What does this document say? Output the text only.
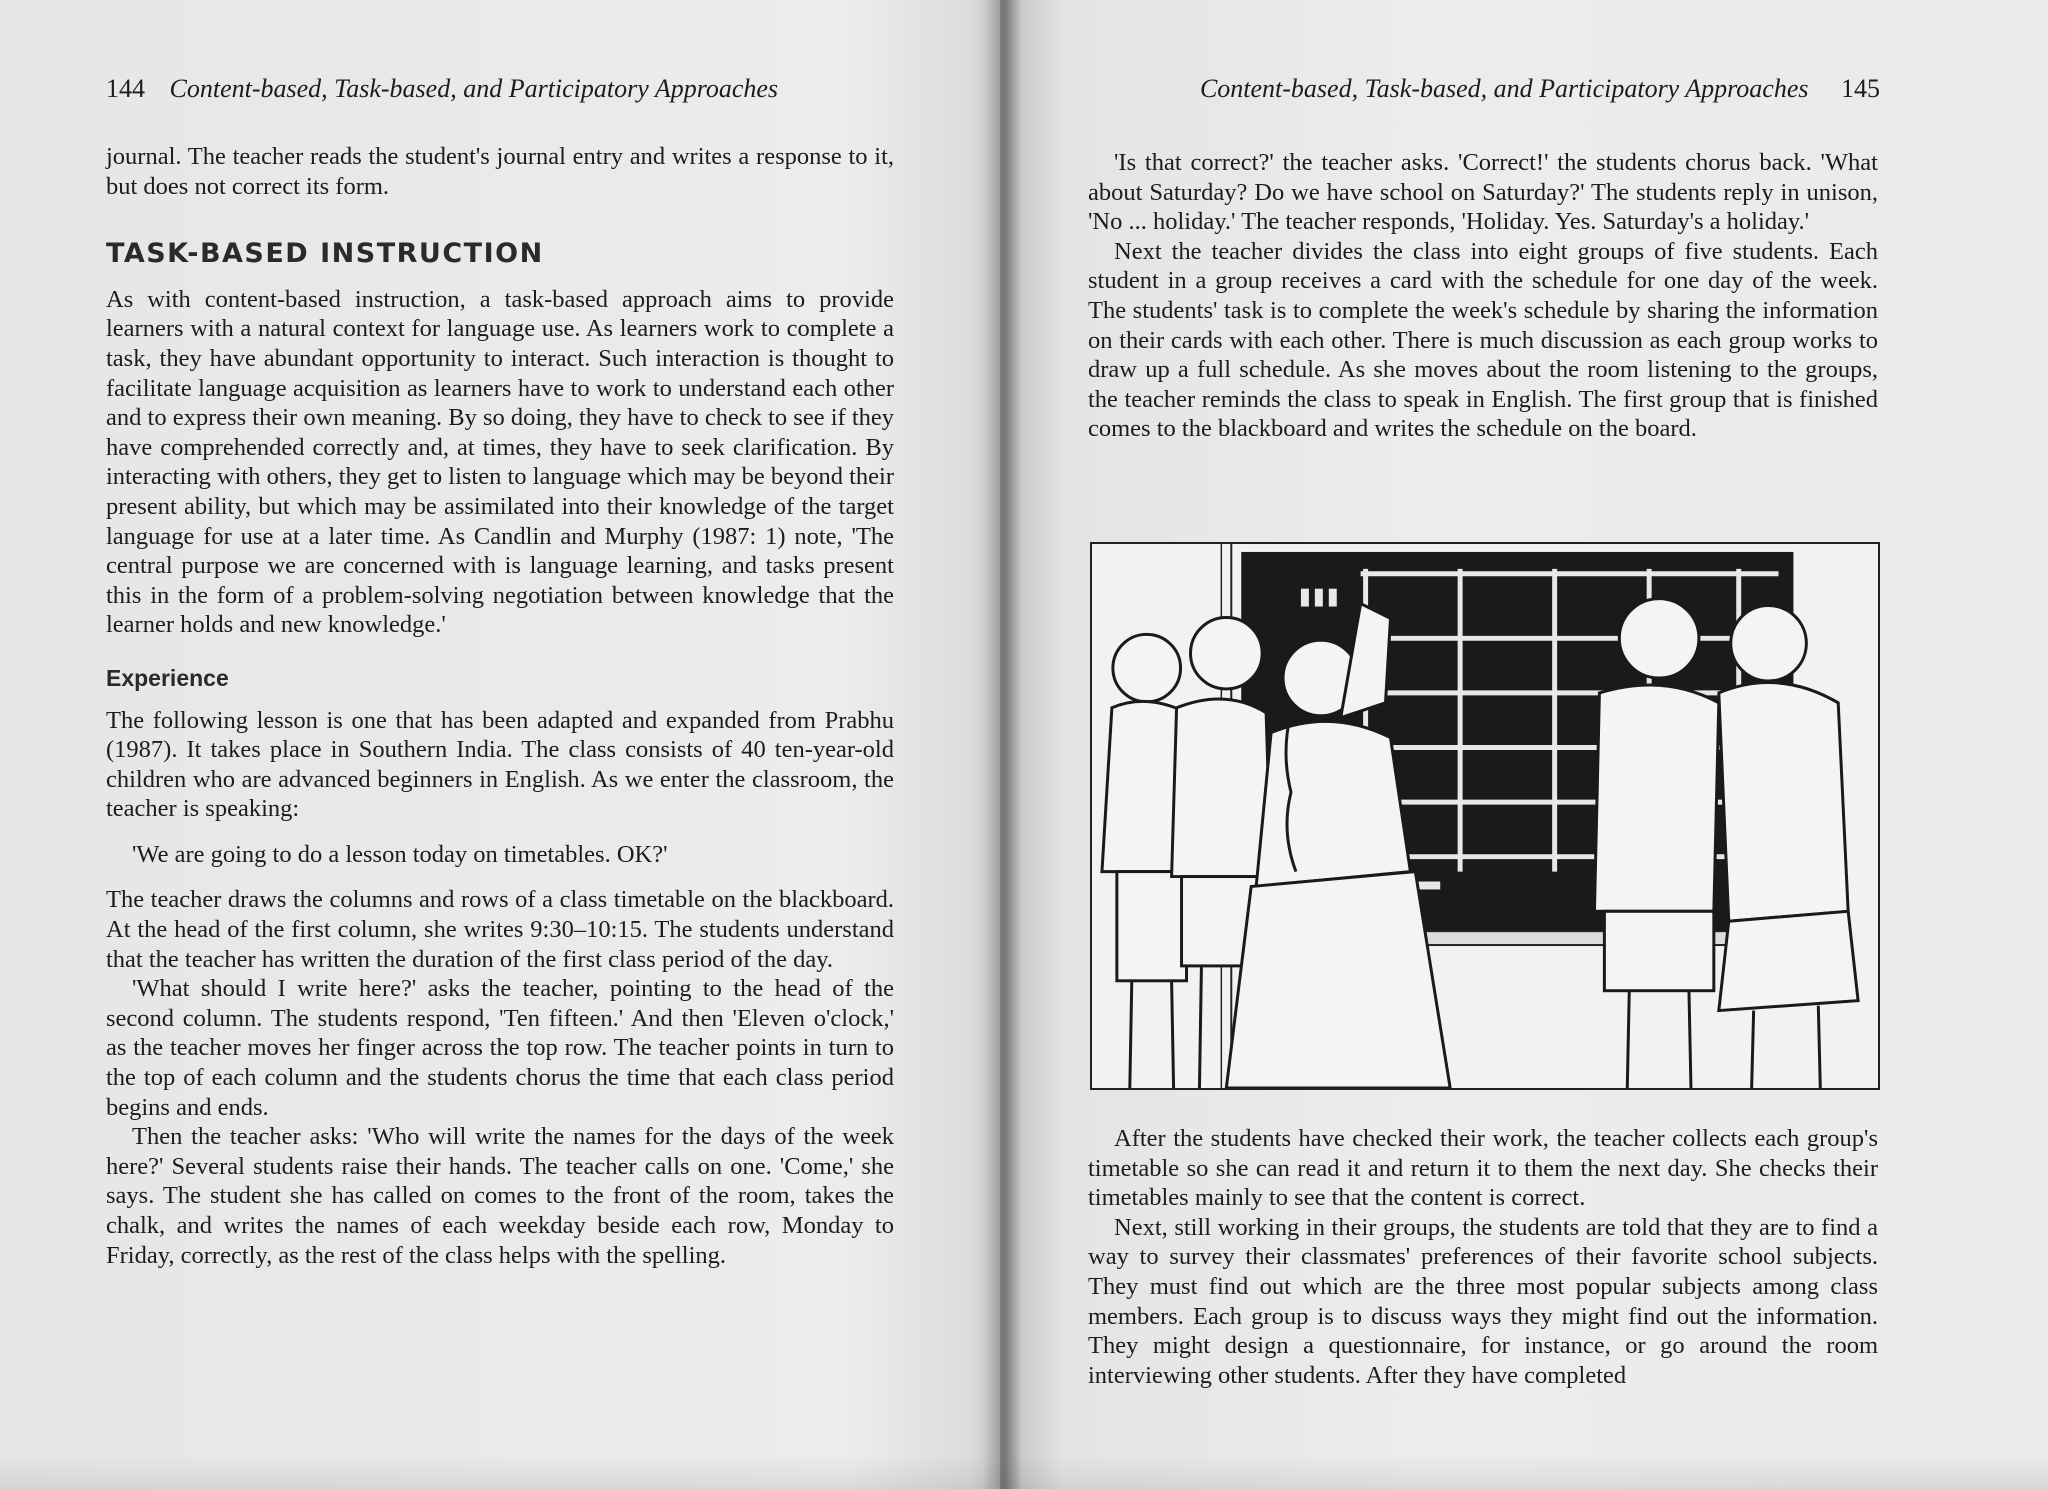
144 Content-based, Task-based, and Participatory Approaches

journal. The teacher reads the student's journal entry and writes a response to it, but does not correct its form.

TASK-BASED INSTRUCTION

As with content-based instruction, a task-based approach aims to provide learners with a natural context for language use. As learners work to complete a task, they have abundant opportunity to interact. Such interaction is thought to facilitate language acquisition as learners have to work to understand each other and to express their own meaning. By so doing, they have to check to see if they have comprehended correctly and, at times, they have to seek clarification. By interacting with others, they get to listen to language which may be beyond their present ability, but which may be assimilated into their knowledge of the target language for use at a later time. As Candlin and Murphy (1987: 1) note, 'The central purpose we are concerned with is language learning, and tasks present this in the form of a problem-solving negotiation between knowledge that the learner holds and new knowledge.'

Experience

The following lesson is one that has been adapted and expanded from Prabhu (1987). It takes place in Southern India. The class consists of 40 ten-year-old children who are advanced beginners in English. As we enter the classroom, the teacher is speaking:

'We are going to do a lesson today on timetables. OK?'

The teacher draws the columns and rows of a class timetable on the blackboard. At the head of the first column, she writes 9:30–10:15. The students understand that the teacher has written the duration of the first class period of the day.

'What should I write here?' asks the teacher, pointing to the head of the second column. The students respond, 'Ten fifteen.' And then 'Eleven o'clock,' as the teacher moves her finger across the top row. The teacher points in turn to the top of each column and the students chorus the time that each class period begins and ends.

Then the teacher asks: 'Who will write the names for the days of the week here?' Several students raise their hands. The teacher calls on one. 'Come,' she says. The student she has called on comes to the front of the room, takes the chalk, and writes the names of each weekday beside each row, Monday to Friday, correctly, as the rest of the class helps with the spelling.

Content-based, Task-based, and Participatory Approaches 145

'Is that correct?' the teacher asks. 'Correct!' the students chorus back. 'What about Saturday? Do we have school on Saturday?' The students reply in unison, 'No ... holiday.' The teacher responds, 'Holiday. Yes. Saturday's a holiday.'

Next the teacher divides the class into eight groups of five students. Each student in a group receives a card with the schedule for one day of the week. The students' task is to complete the week's schedule by sharing the information on their cards with each other. There is much discussion as each group works to draw up a full schedule. As she moves about the room listening to the groups, the teacher reminds the class to speak in English. The first group that is finished comes to the blackboard and writes the schedule on the board.

After the students have checked their work, the teacher collects each group's timetable so she can read it and return it to them the next day. She checks their timetables mainly to see that the content is correct.

Next, still working in their groups, the students are told that they are to find a way to survey their classmates' preferences of their favorite school subjects. They must find out which are the three most popular subjects among class members. Each group is to discuss ways they might find out the information. They might design a questionnaire, for instance, or go around the room interviewing other students. After they have completed
